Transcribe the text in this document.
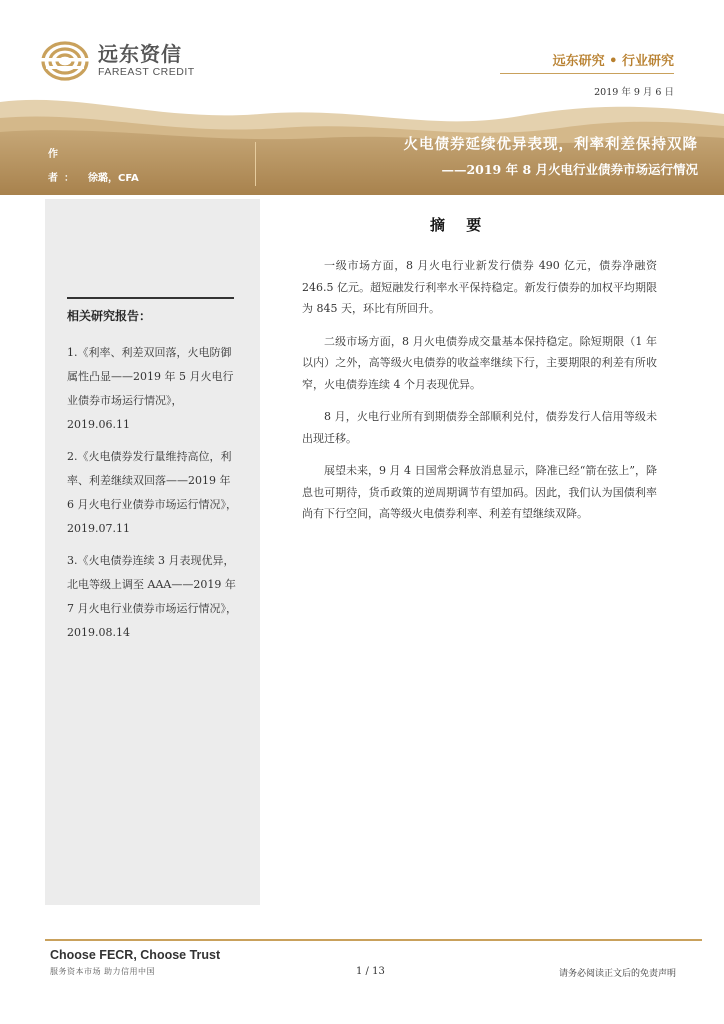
远东资信
FAREAST CREDIT
远东研究 • 行业研究
2019 年 9 月 6 日
作 者： 徐璐，CFA
火电债券延续优异表现，利率利差保持双降
——2019 年 8 月火电行业债券市场运行情况
相关研究报告：
1.《利率、利差双回落，火电防御属性凸显——2019 年 5 月火电行业债券市场运行情况》，2019.06.11
2.《火电债券发行量维持高位，利率、利差继续双回落——2019 年 6 月火电行业债券市场运行情况》，2019.07.11
3.《火电债券连续 3 月表现优异，北电等级上调至 AAA——2019 年 7 月火电行业债券市场运行情况》，2019.08.14
摘 要

一级市场方面，8 月火电行业新发行债券 490 亿元，债券净融资 246.5 亿元。超短融发行利率水平保持稳定。新发行债券的加权平均期限为 845 天，环比有所回升。

二级市场方面，8 月火电债券成交量基本保持稳定。除短期限（1 年以内）之外，高等级火电债券的收益率继续下行，主要期限的利差有所收窄，火电债券连续 4 个月表现优异。

8 月，火电行业所有到期债券全部顺利兑付，债券发行人信用等级未出现迁移。

展望未来，9 月 4 日国常会释放消息显示，降准已经“箭在弦上”，降息也可期待，货币政策的逆周期调节有望加码。因此，我们认为国债利率尚有下行空间，高等级火电债券利率、利差有望继续双降。

Choose FECR, Choose Trust
服务资本市场 助力信用中国	1 / 13	请务必阅读正文后的免责声明
